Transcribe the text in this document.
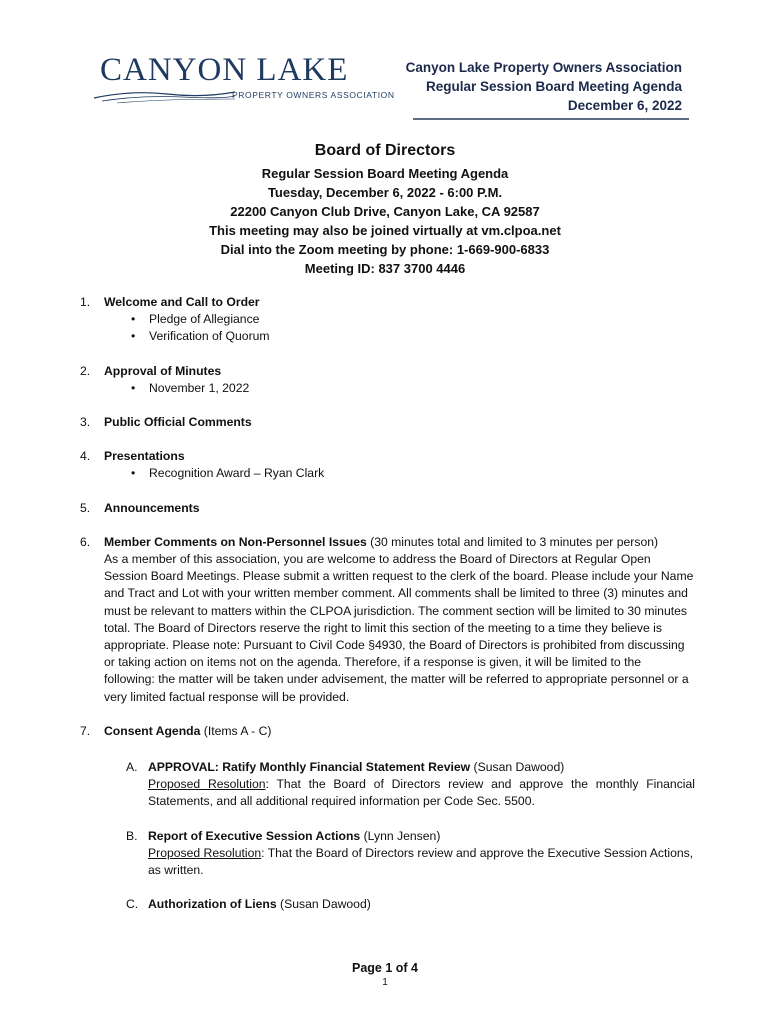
CANYON LAKE
PROPERTY OWNERS ASSOCIATION
Canyon Lake Property Owners Association
Regular Session Board Meeting Agenda
December 6, 2022
Board of Directors
Regular Session Board Meeting Agenda
Tuesday, December 6, 2022 - 6:00 P.M.
22200 Canyon Club Drive, Canyon Lake, CA 92587
This meeting may also be joined virtually at vm.clpoa.net
Dial into the Zoom meeting by phone: 1-669-900-6833
Meeting ID: 837 3700 4446
1. Welcome and Call to Order
• Pledge of Allegiance
• Verification of Quorum
2. Approval of Minutes
• November 1, 2022
3. Public Official Comments
4. Presentations
• Recognition Award – Ryan Clark
5. Announcements
6. Member Comments on Non-Personnel Issues (30 minutes total and limited to 3 minutes per person)
As a member of this association, you are welcome to address the Board of Directors at Regular Open Session Board Meetings. Please submit a written request to the clerk of the board. Please include your Name and Tract and Lot with your written member comment. All comments shall be limited to three (3) minutes and must be relevant to matters within the CLPOA jurisdiction. The comment section will be limited to 30 minutes total. The Board of Directors reserve the right to limit this section of the meeting to a time they believe is appropriate. Please note: Pursuant to Civil Code §4930, the Board of Directors is prohibited from discussing or taking action on items not on the agenda. Therefore, if a response is given, it will be limited to the following: the matter will be taken under advisement, the matter will be referred to appropriate personnel or a very limited factual response will be provided.
7. Consent Agenda (Items A - C)
A. APPROVAL: Ratify Monthly Financial Statement Review (Susan Dawood)
Proposed Resolution: That the Board of Directors review and approve the monthly Financial Statements, and all additional required information per Code Sec. 5500.
B. Report of Executive Session Actions (Lynn Jensen)
Proposed Resolution: That the Board of Directors review and approve the Executive Session Actions, as written.
C. Authorization of Liens (Susan Dawood)
Page 1 of 4
1
